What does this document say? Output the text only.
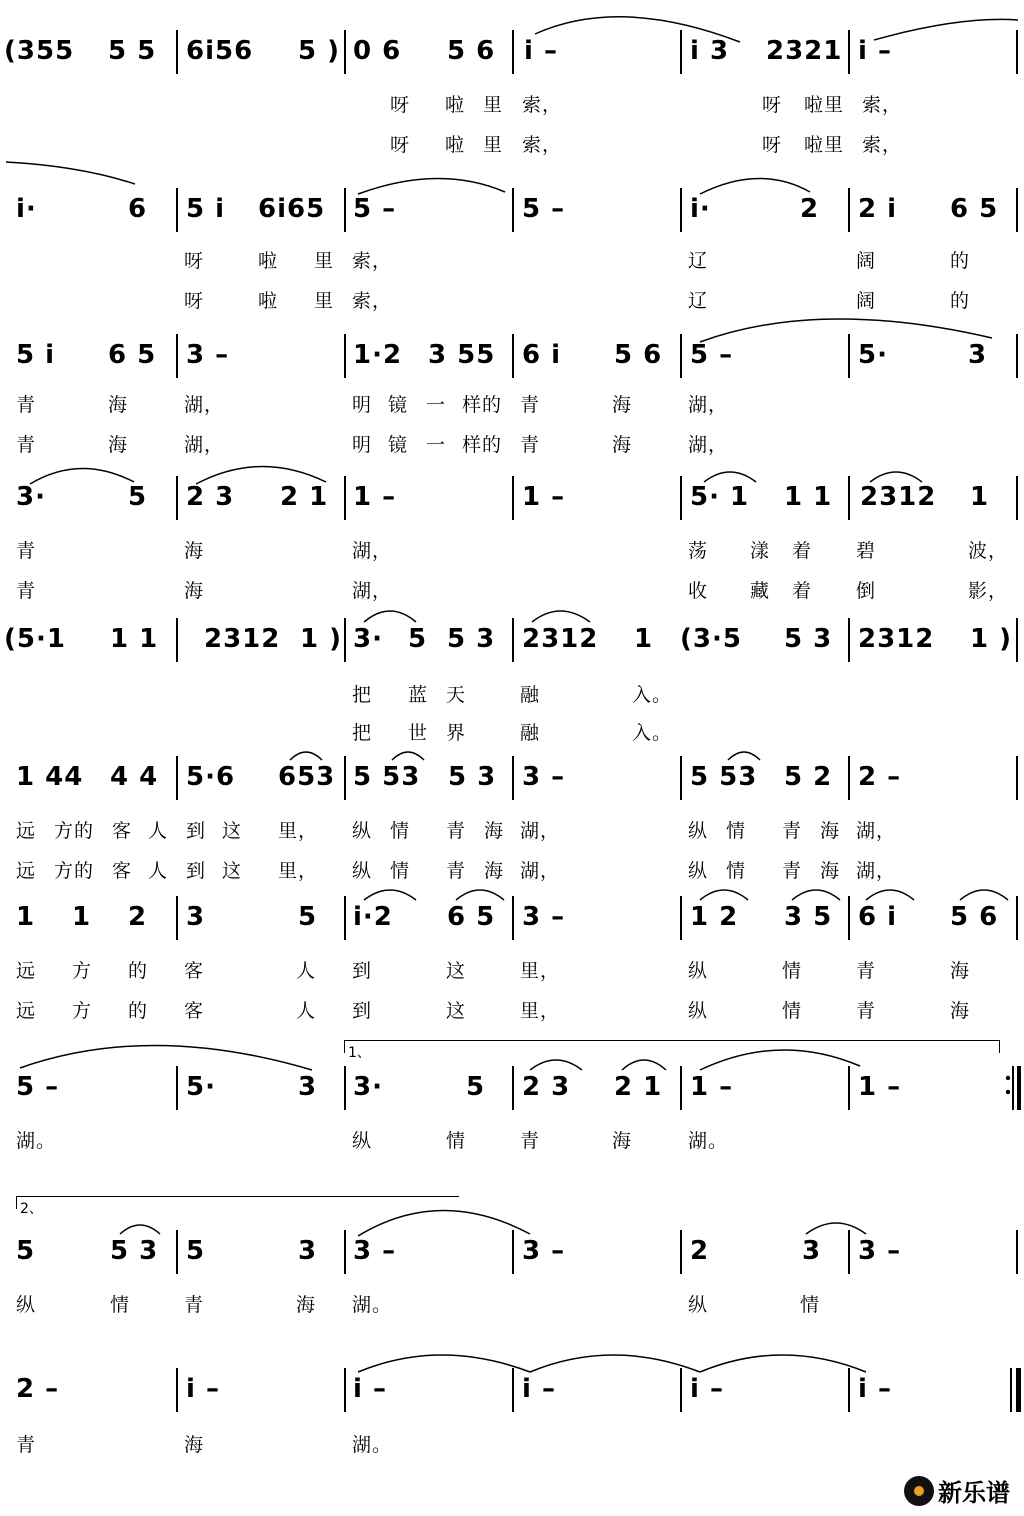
(355 5 5 6i56 5 ) 0 6 5 6 i –	i 3 2321 i –
呀 啦 里 索，	呀 啦里 索，
呀 啦 里 索，	呀 啦里 索，
i·	6 5 i 6i65 5 –	5 –	i·	2 2 i 6 5
呀	啦 里 索，	辽	阔	的
呀	啦 里 索，	辽	阔	的
5 i 6 5 3 –	1·2 3 55 6 i 5 6 5 –	5·	3
青	海	湖，	明 镜 一 样的 青	海	湖，
青	海	湖，	明 镜 一 样的 青	海	湖，
3·	5 2 3 2 1 1 –	1 –	5· 1 1 1 2312 1
青	海	湖，	荡 漾 着 碧	波，
青	海	湖，	收 藏 着 倒	影，
(5·1 1 1 2312 1 ) 3· 5 5 3 2312 1 (3·5 5 3 2312 1 )
把 蓝 天	融	入。
把 世 界	融	入。
1 44 4 4 5·6 653 5 53 5 3 3 –	5 53 5 2 2 –
远 方的 客 人 到 这 里， 纵 情 青 海 湖，	纵 情 青 海 湖，
远 方的 客 人 到 这 里， 纵 情 青 海 湖，	纵 情 青 海 湖，
1 1 2 3	5 i·2 6 5 3 –	1 2 3 5 6 i 5 6
远 方 的 客	人 到	这	里，	纵	情	青	海
远 方 的 客	人 到	这	里，	纵	情	青	海
1、
5 –	5·	3 3·	5 2 3 2 1 1 –	1 –
湖。	纵	情	青	海	湖。
2、
5	5 3 5	3 3 –	3 –	2	3 3 –
纵	情	青	海 湖。	纵	情
2 –	i –	i –	i –	i –	i –
青	海	湖。
新乐谱
